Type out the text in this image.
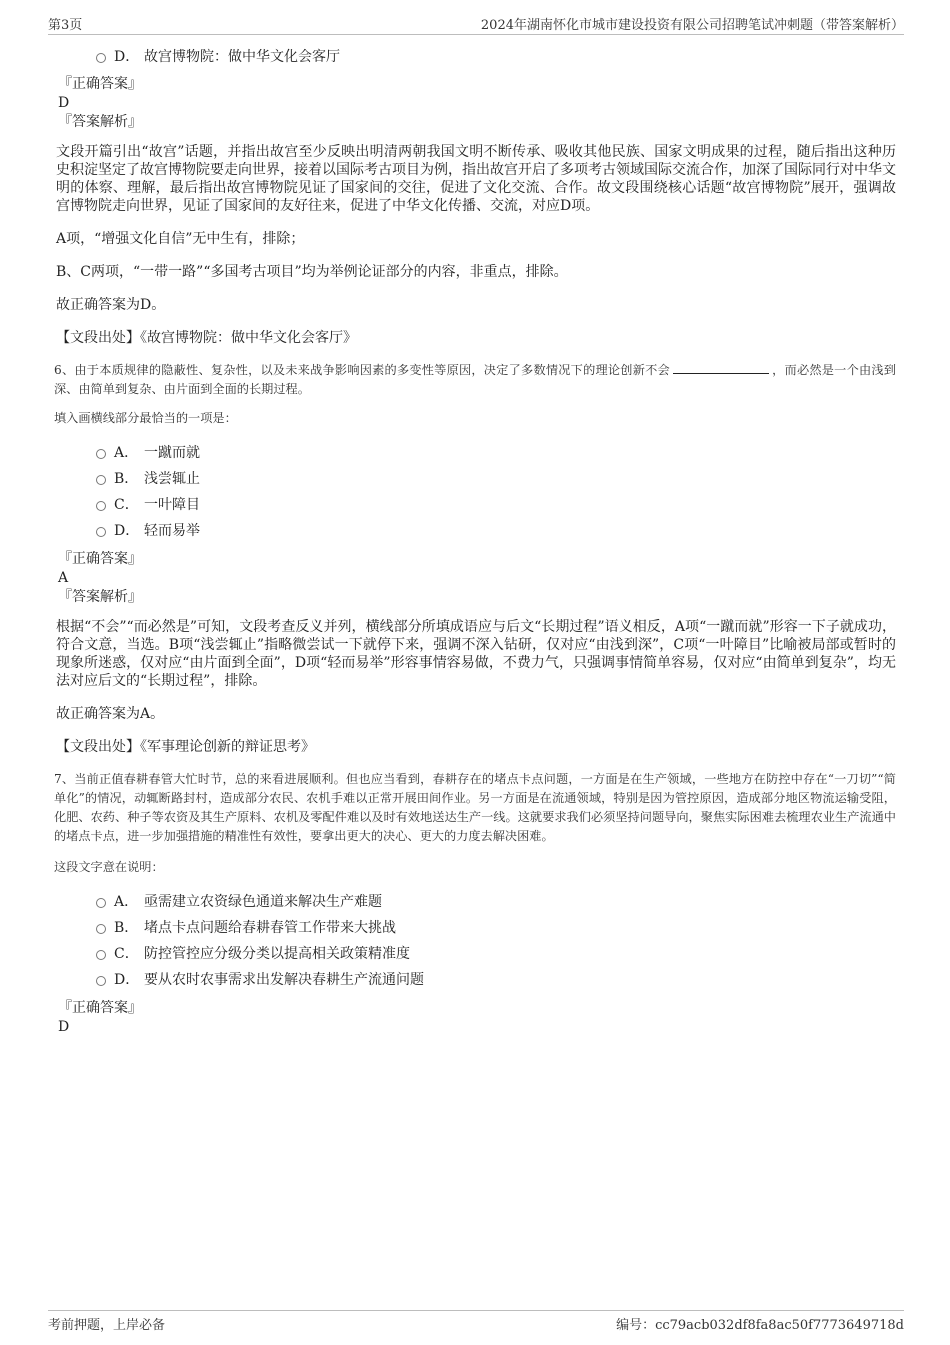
第3页	2024年湖南怀化市城市建设投资有限公司招聘笔试冲刺题（带答案解析）
D． 故宫博物院：做中华文化会客厅
『正确答案』
D
『答案解析』

文段开篇引出“故宫”话题，并指出故宫至少反映出明清两朝我国文明不断传承、吸收其他民族、国家文明成果的过程，随后指出这种历史积淀坚定了故宫博物院要走向世界，接着以国际考古项目为例，指出故宫开启了多项考古领域国际交流合作，加深了国际同行对中华文明的体察、理解，最后指出故宫博物院见证了国家间的交往，促进了文化交流、合作。故文段围绕核心话题“故宫博物院”展开，强调故宫博物院走向世界，见证了国家间的友好往来，促进了中华文化传播、交流，对应D项。

A项，“增强文化自信”无中生有，排除；

B、C两项，“一带一路”“多国考古项目”均为举例论证部分的内容，非重点，排除。

故正确答案为D。

【文段出处】《故宫博物院：做中华文化会客厅》

6、由于本质规律的隐蔽性、复杂性，以及未来战争影响因素的多变性等原因，决定了多数情况下的理论创新不会	，而必然是一个由浅到深、由简单到复杂、由片面到全面的长期过程。

填入画横线部分最恰当的一项是：
A． 一蹴而就
B． 浅尝辄止
C． 一叶障目
D． 轻而易举
『正确答案』
A
『答案解析』

根据“不会”“而必然是”可知，文段考查反义并列，横线部分所填成语应与后文“长期过程”语义相反，A项“一蹴而就”形容一下子就成功，符合文意，当选。B项“浅尝辄止”指略微尝试一下就停下来，强调不深入钻研，仅对应“由浅到深”，C项“一叶障目”比喻被局部或暂时的现象所迷惑，仅对应“由片面到全面”，D项“轻而易举”形容事情容易做，不费力气，只强调事情简单容易，仅对应“由简单到复杂”，均无法对应后文的“长期过程”，排除。

故正确答案为A。

【文段出处】《军事理论创新的辩证思考》

7、当前正值春耕春管大忙时节，总的来看进展顺利。但也应当看到，春耕存在的堵点卡点问题，一方面是在生产领域，一些地方在防控中存在“一刀切”“简单化”的情况，动辄断路封村，造成部分农民、农机手难以正常开展田间作业。另一方面是在流通领域，特别是因为管控原因，造成部分地区物流运输受阻，化肥、农药、种子等农资及其生产原料、农机及零配件难以及时有效地送达生产一线。这就要求我们必须坚持问题导向，聚焦实际困难去梳理农业生产流通中的堵点卡点，进一步加强措施的精准性有效性，要拿出更大的决心、更大的力度去解决困难。

这段文字意在说明：
A． 亟需建立农资绿色通道来解决生产难题
B． 堵点卡点问题给春耕春管工作带来大挑战
C． 防控管控应分级分类以提高相关政策精准度
D． 要从农时农事需求出发解决春耕生产流通问题
『正确答案』
D
考前押题，上岸必备	编号：cc79acb032df8fa8ac50f7773649718d
